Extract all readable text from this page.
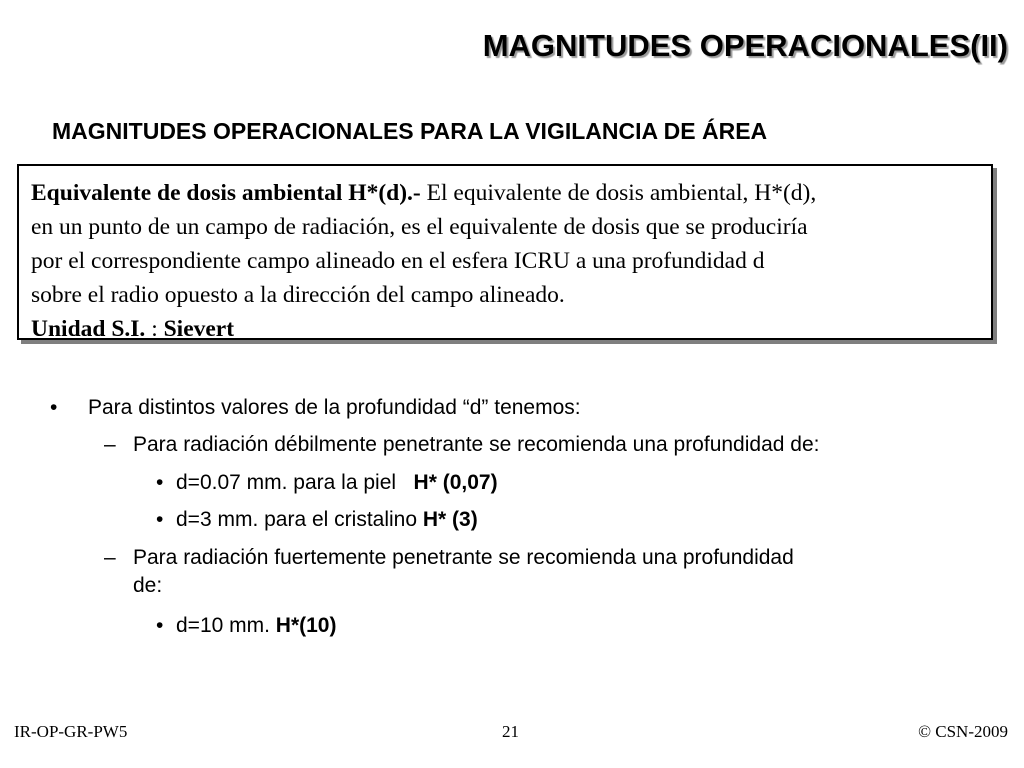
MAGNITUDES OPERACIONALES(II)
MAGNITUDES OPERACIONALES PARA LA VIGILANCIA DE ÁREA
Equivalente de dosis ambiental H*(d).- El equivalente de dosis ambiental, H*(d),
en un punto de un campo de radiación, es el equivalente de dosis que se produciría
por el correspondiente campo alineado en el esfera ICRU a una profundidad d
sobre el radio opuesto a la dirección del campo alineado.
Unidad S.I. : Sievert
• Para distintos valores de la profundidad “d” tenemos:
– Para radiación débilmente penetrante se recomienda una profundidad de:
• d=0.07 mm. para la piel   H* (0,07)
• d=3 mm. para el cristalino H* (3)
– Para radiación fuertemente penetrante se recomienda una profundidad
de:
• d=10 mm. H*(10)
IR-OP-GR-PW5	21	© CSN-2009
